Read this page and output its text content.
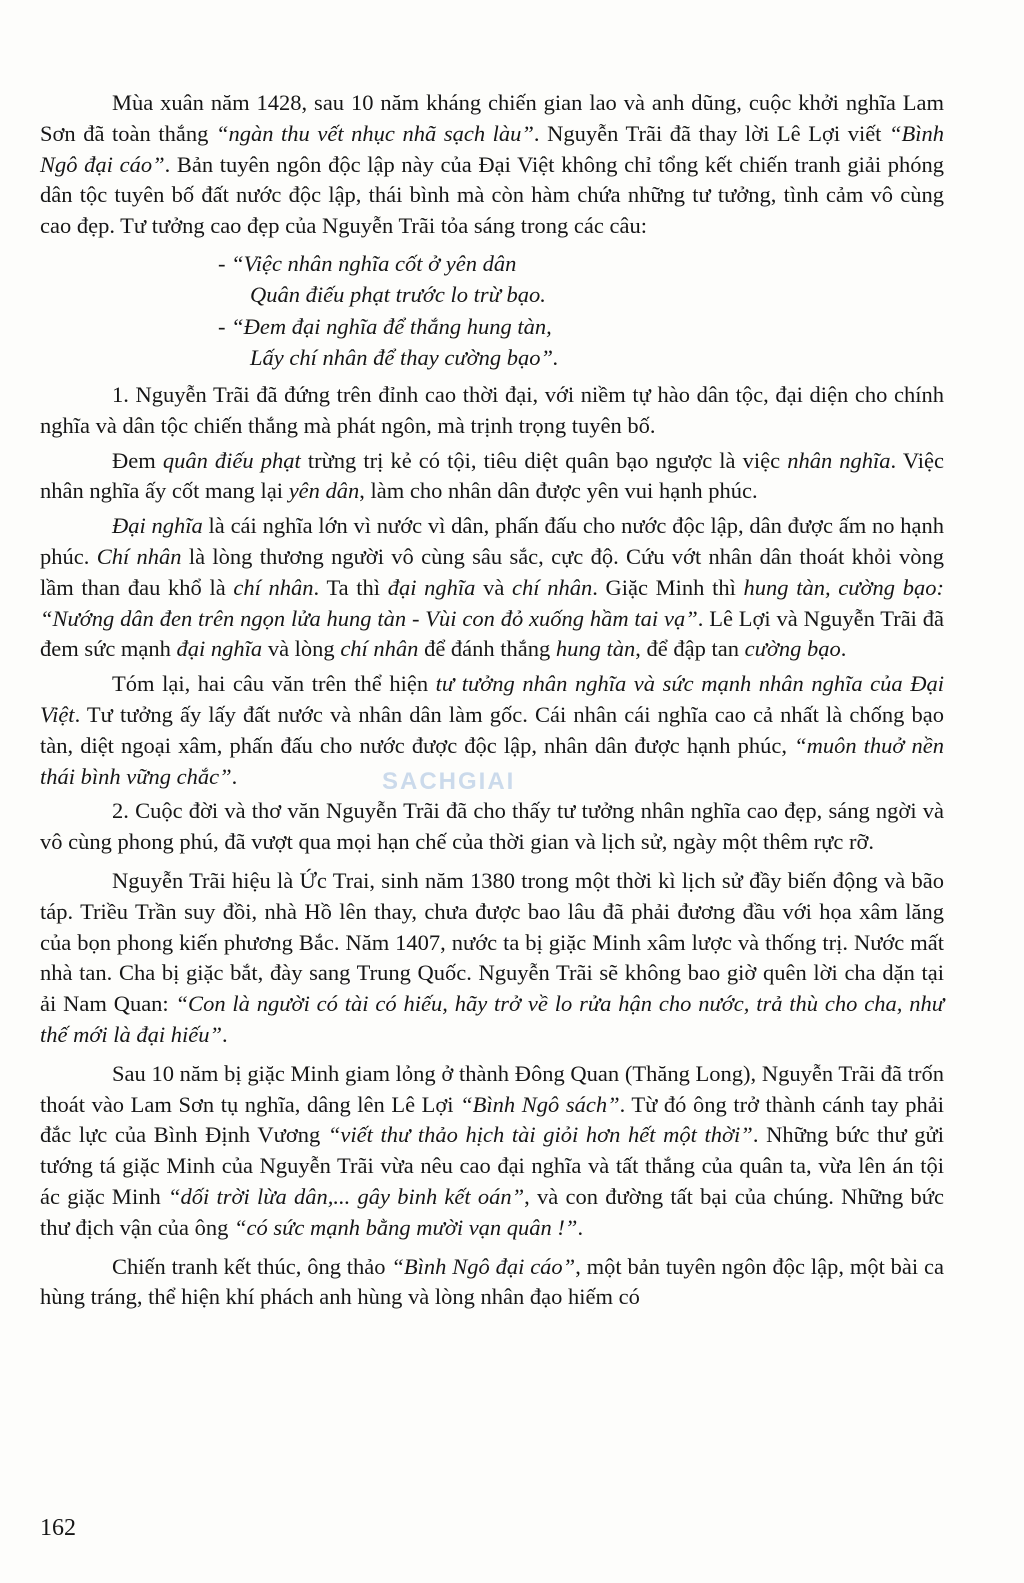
Mùa xuân năm 1428, sau 10 năm kháng chiến gian lao và anh dũng, cuộc khởi nghĩa Lam Sơn đã toàn thắng “ngàn thu vết nhục nhã sạch làu”. Nguyễn Trãi đã thay lời Lê Lợi viết “Bình Ngô đại cáo”. Bản tuyên ngôn độc lập này của Đại Việt không chỉ tổng kết chiến tranh giải phóng dân tộc tuyên bố đất nước độc lập, thái bình mà còn hàm chứa những tư tưởng, tình cảm vô cùng cao đẹp. Tư tưởng cao đẹp của Nguyễn Trãi tỏa sáng trong các câu:

- “Việc nhân nghĩa cốt ở yên dân
Quân điếu phạt trước lo trừ bạo.
- “Đem đại nghĩa để thắng hung tàn,
Lấy chí nhân để thay cường bạo”.

1. Nguyễn Trãi đã đứng trên đỉnh cao thời đại, với niềm tự hào dân tộc, đại diện cho chính nghĩa và dân tộc chiến thắng mà phát ngôn, mà trịnh trọng tuyên bố.

Đem quân điếu phạt trừng trị kẻ có tội, tiêu diệt quân bạo ngược là việc nhân nghĩa. Việc nhân nghĩa ấy cốt mang lại yên dân, làm cho nhân dân được yên vui hạnh phúc.

Đại nghĩa là cái nghĩa lớn vì nước vì dân, phấn đấu cho nước độc lập, dân được ấm no hạnh phúc. Chí nhân là lòng thương người vô cùng sâu sắc, cực độ. Cứu vớt nhân dân thoát khỏi vòng lầm than đau khổ là chí nhân. Ta thì đại nghĩa và chí nhân. Giặc Minh thì hung tàn, cường bạo: “Nướng dân đen trên ngọn lửa hung tàn - Vùi con đỏ xuống hầm tai vạ”. Lê Lợi và Nguyễn Trãi đã đem sức mạnh đại nghĩa và lòng chí nhân để đánh thắng hung tàn, để đập tan cường bạo.

Tóm lại, hai câu văn trên thể hiện tư tưởng nhân nghĩa và sức mạnh nhân nghĩa của Đại Việt. Tư tưởng ấy lấy đất nước và nhân dân làm gốc. Cái nhân cái nghĩa cao cả nhất là chống bạo tàn, diệt ngoại xâm, phấn đấu cho nước được độc lập, nhân dân được hạnh phúc, “muôn thuở nền thái bình vững chắc”.

2. Cuộc đời và thơ văn Nguyễn Trãi đã cho thấy tư tưởng nhân nghĩa cao đẹp, sáng ngời và vô cùng phong phú, đã vượt qua mọi hạn chế của thời gian và lịch sử, ngày một thêm rực rỡ.

Nguyễn Trãi hiệu là Ức Trai, sinh năm 1380 trong một thời kì lịch sử đầy biến động và bão táp. Triều Trần suy đồi, nhà Hồ lên thay, chưa được bao lâu đã phải đương đầu với họa xâm lăng của bọn phong kiến phương Bắc. Năm 1407, nước ta bị giặc Minh xâm lược và thống trị. Nước mất nhà tan. Cha bị giặc bắt, đày sang Trung Quốc. Nguyễn Trãi sẽ không bao giờ quên lời cha dặn tại ải Nam Quan: “Con là người có tài có hiếu, hãy trở về lo rửa hận cho nước, trả thù cho cha, như thế mới là đại hiếu”.

Sau 10 năm bị giặc Minh giam lỏng ở thành Đông Quan (Thăng Long), Nguyễn Trãi đã trốn thoát vào Lam Sơn tụ nghĩa, dâng lên Lê Lợi “Bình Ngô sách”. Từ đó ông trở thành cánh tay phải đắc lực của Bình Định Vương “viết thư thảo hịch tài giỏi hơn hết một thời”. Những bức thư gửi tướng tá giặc Minh của Nguyễn Trãi vừa nêu cao đại nghĩa và tất thắng của quân ta, vừa lên án tội ác giặc Minh “dối trời lừa dân,... gây binh kết oán”, và con đường tất bại của chúng. Những bức thư địch vận của ông “có sức mạnh bằng mười vạn quân !”.

Chiến tranh kết thúc, ông thảo “Bình Ngô đại cáo”, một bản tuyên ngôn độc lập, một bài ca hùng tráng, thể hiện khí phách anh hùng và lòng nhân đạo hiếm có

SACHGIAI
162
